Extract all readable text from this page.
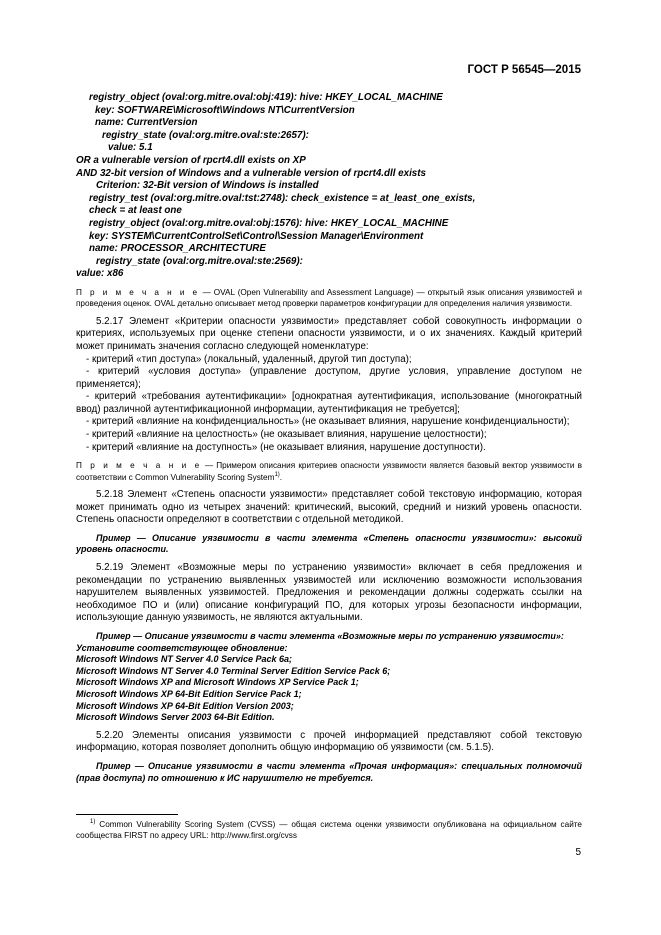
ГОСТ Р 56545—2015
registry_object (oval:org.mitre.oval:obj:419): hive: HKEY_LOCAL_MACHINE
key: SOFTWARE\Microsoft\Windows NT\CurrentVersion
name: CurrentVersion
registry_state (oval:org.mitre.oval:ste:2657):
value: 5.1
OR a vulnerable version of rpcrt4.dll exists on XP
AND 32-bit version of Windows and a vulnerable version of rpcrt4.dll exists
Criterion: 32-Bit version of Windows is installed
registry_test (oval:org.mitre.oval:tst:2748): check_existence = at_least_one_exists,
check = at least one
registry_object (oval:org.mitre.oval:obj:1576): hive: HKEY_LOCAL_MACHINE
key: SYSTEM\CurrentControlSet\Control\Session Manager\Environment
name: PROCESSOR_ARCHITECTURE
registry_state (oval:org.mitre.oval:ste:2569):
value: x86

П р и м е ч а н и е — OVAL (Open Vulnerability and Assessment Language) — открытый язык описания уязвимостей и проведения оценок. OVAL детально описывает метод проверки параметров конфигурации для определения наличия уязвимости.

5.2.17 Элемент «Критерии опасности уязвимости» представляет собой совокупность информации о критериях, используемых при оценке степени опасности уязвимости, и о их значениях. Каждый критерий может принимать значения согласно следующей номенклатуре:

- критерий «тип доступа» (локальный, удаленный, другой тип доступа);

- критерий «условия доступа» (управление доступом, другие условия, управление доступом не применяется);

- критерий «требования аутентификации» [однократная аутентификация, использование (многократный ввод) различной аутентификационной информации, аутентификация не требуется];

- критерий «влияние на конфиденциальность» (не оказывает влияния, нарушение конфиденциальности);

- критерий «влияние на целостность» (не оказывает влияния, нарушение целостности);

- критерий «влияние на доступность» (не оказывает влияния, нарушение доступности).

П р и м е ч а н и е — Примером описания критериев опасности уязвимости является базовый вектор уязвимости в соответствии с Common Vulnerability Scoring System$^{1)}$.

5.2.18 Элемент «Степень опасности уязвимости» представляет собой текстовую информацию, которая может принимать одно из четырех значений: критический, высокий, средний и низкий уровень опасности. Степень опасности определяют в соответствии с отдельной методикой.

Пример — Описание уязвимости в части элемента «Степень опасности уязвимости»: высокий уровень опасности.

5.2.19 Элемент «Возможные меры по устранению уязвимости» включает в себя предложения и рекомендации по устранению выявленных уязвимостей или исключению возможности использования нарушителем выявленных уязвимостей. Предложения и рекомендации должны содержать ссылки на необходимое ПО и (или) описание конфигураций ПО, для которых угрозы безопасности информации, использующие данную уязвимость, не являются актуальными.

Пример — Описание уязвимости в части элемента «Возможные меры по устранению уязвимости»:
Установите соответствующее обновление:
Microsoft Windows NT Server 4.0 Service Pack 6a;
Microsoft Windows NT Server 4.0 Terminal Server Edition Service Pack 6;
Microsoft Windows XP and Microsoft Windows XP Service Pack 1;
Microsoft Windows XP 64-Bit Edition Service Pack 1;
Microsoft Windows XP 64-Bit Edition Version 2003;
Microsoft Windows Server 2003 64-Bit Edition.

5.2.20 Элементы описания уязвимости с прочей информацией представляют собой текстовую информацию, которая позволяет дополнить общую информацию об уязвимости (см. 5.1.5).

Пример — Описание уязвимости в части элемента «Прочая информация»: специальных полномочий (прав доступа) по отношению к ИС нарушителю не требуется.

$^{1)}$ Common Vulnerability Scoring System (CVSS) — общая система оценки уязвимости опубликована на официальном сайте сообщества FIRST по адресу URL: http://www.first.org/cvss

5
